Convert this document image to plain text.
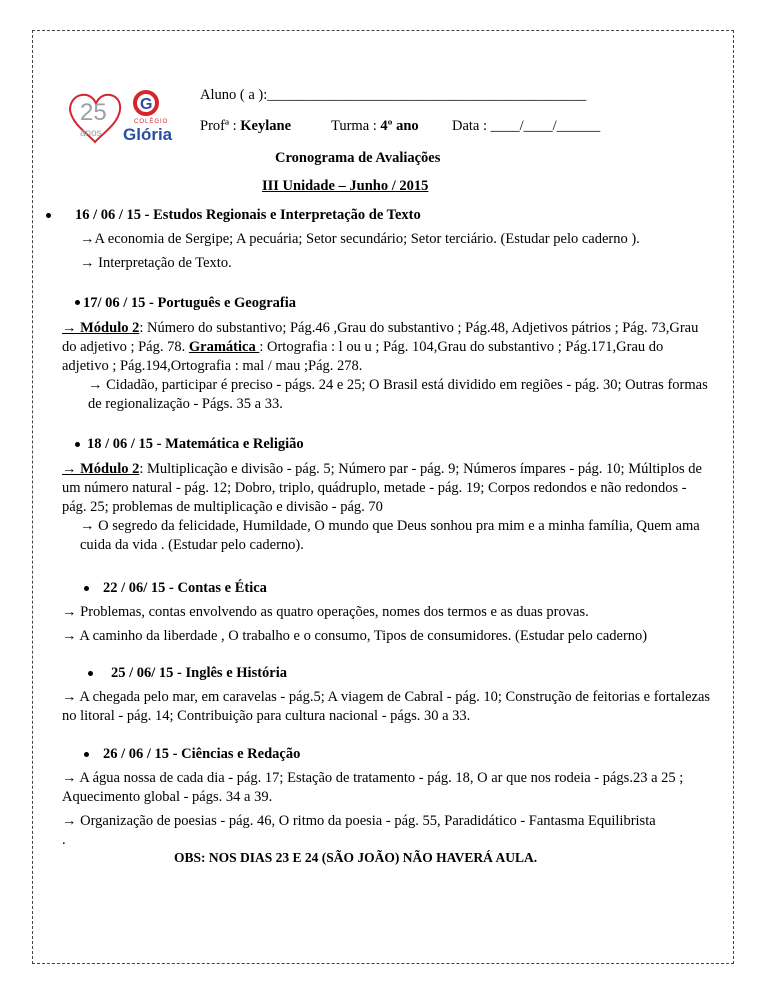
25
anos
G
COLÉGIO
Glória
Aluno ( a ):____________________________________________
Profª : Keylane	Turma : 4º ano Data : ____/____/______
Cronograma de Avaliações
III Unidade – Junho / 2015
16 / 06 / 15 - Estudos Regionais e Interpretação de Texto
→A economia de Sergipe; A pecuária; Setor secundário; Setor terciário. (Estudar pelo caderno ).
→ Interpretação de Texto.
17/ 06 / 15 - Português e Geografia
→ Módulo 2: Número do substantivo; Pág.46 ,Grau do substantivo ; Pág.48, Adjetivos pátrios ; Pág. 73,Grau do adjetivo ; Pág. 78. Gramática : Ortografia : l ou u ; Pág. 104,Grau do substantivo ; Pág.171,Grau do adjetivo ; Pág.194,Ortografia : mal / mau ;Pág. 278.
→ Cidadão, participar é preciso - págs. 24 e 25; O Brasil está dividido em regiões - pág. 30; Outras formas de regionalização - Págs. 35 a 33.
18 / 06 / 15 - Matemática e Religião
→ Módulo 2: Multiplicação e divisão - pág. 5; Número par - pág. 9; Números ímpares - pág. 10; Múltiplos de um número natural - pág. 12; Dobro, triplo, quádruplo, metade - pág. 19; Corpos redondos e não redondos - pág. 25; problemas de multiplicação e divisão - pág. 70
→ O segredo da felicidade, Humildade, O mundo que Deus sonhou pra mim e a minha família, Quem ama cuida da vida . (Estudar pelo caderno).
22 / 06/ 15 - Contas e Ética
→ Problemas, contas envolvendo as quatro operações, nomes dos termos e as duas provas.
→ A caminho da liberdade , O trabalho e o consumo, Tipos de consumidores. (Estudar pelo caderno)
25 / 06/ 15 - Inglês e História
→ A chegada pelo mar, em caravelas - pág.5; A viagem de Cabral - pág. 10; Construção de feitorias e fortalezas no litoral - pág. 14; Contribuição para cultura nacional - págs. 30 a 33.
26 / 06 / 15 - Ciências e Redação
→ A água nossa de cada dia - pág. 17; Estação de tratamento - pág. 18, O ar que nos rodeia - págs.23 a 25 ; Aquecimento global - págs. 34 a 39.
→ Organização de poesias - pág. 46, O ritmo da poesia - pág. 55, Paradidático - Fantasma Equilibrista .
OBS: NOS DIAS 23 E 24 (SÃO JOÃO) NÃO HAVERÁ AULA.
